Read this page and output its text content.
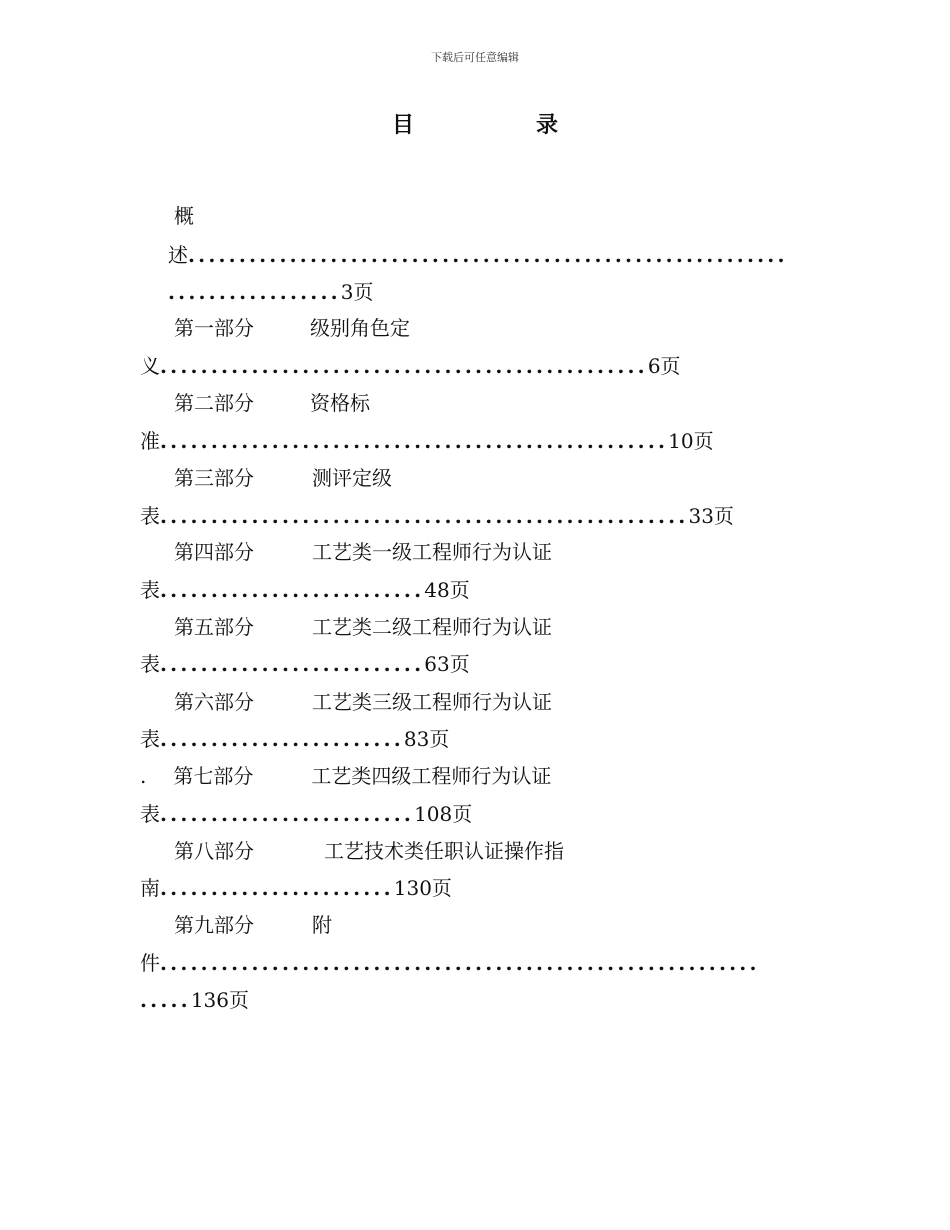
下载后可任意编辑
目	录
概
述...........................................................
.................3页
第一部分	级别角色定
义................................................6页
第二部分	资格标
准..................................................10页
第三部分	测评定级
表....................................................33页
第四部分	工艺类一级工程师行为认证
表..........................48页
第五部分	工艺类二级工程师行为认证
表..........................63页
第六部分	工艺类三级工程师行为认证
表........................83页
. 第七部分	工艺类四级工程师行为认证
表.........................108页
第八部分	工艺技术类任职认证操作指
南.......................130页
第九部分	附
件...........................................................
.....136页
